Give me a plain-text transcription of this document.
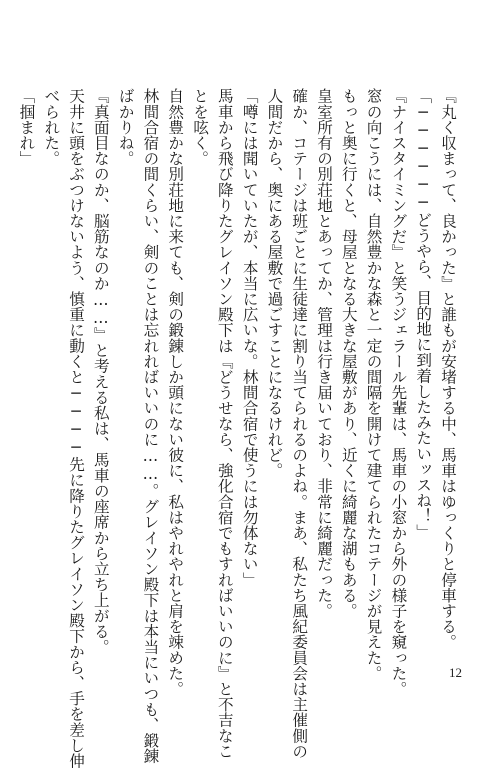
『丸く収まって、良かった』と誰もが安堵する中、馬車はゆっくりと停車する。
「──────どうやら、目的地に到着したみたいッスね！」
『ナイスタイミングだ』と笑うジェラール先輩は、馬車の小窓から外の様子を窺った。
窓の向こうには、自然豊かな森と一定の間隔を開けて建てられたコテージが見えた。
もっと奥に行くと、母屋となる大きな屋敷があり、近くに綺麗な湖もある。
皇室所有の別荘地とあってか、管理は行き届いており、非常に綺麗だった。
確か、コテージは班ごとに生徒達に割り当てられるのよね。まあ、私たち風紀委員会は主催側の
人間だから、奥にある屋敷で過ごすことになるけれど。
「噂には聞いていたが、本当に広いな。林間合宿で使うには勿体ない」
馬車から飛び降りたグレイソン殿下は『どうせなら、強化合宿でもすればいいのに』と不吉なこ
とを呟く。
自然豊かな別荘地に来ても、剣の鍛錬しか頭にない彼に、私はやれやれと肩を竦めた。
林間合宿の間くらい、剣のことは忘れればいいのに……。グレイソン殿下は本当にいつも、鍛錬
ばかりね。
『真面目なのか、脳筋なのか……』と考える私は、馬車の座席から立ち上がる。
天井に頭をぶつけないよう、慎重に動くと────先に降りたグレイソン殿下から、手を差し伸
べられた。
「掴まれ」
12
